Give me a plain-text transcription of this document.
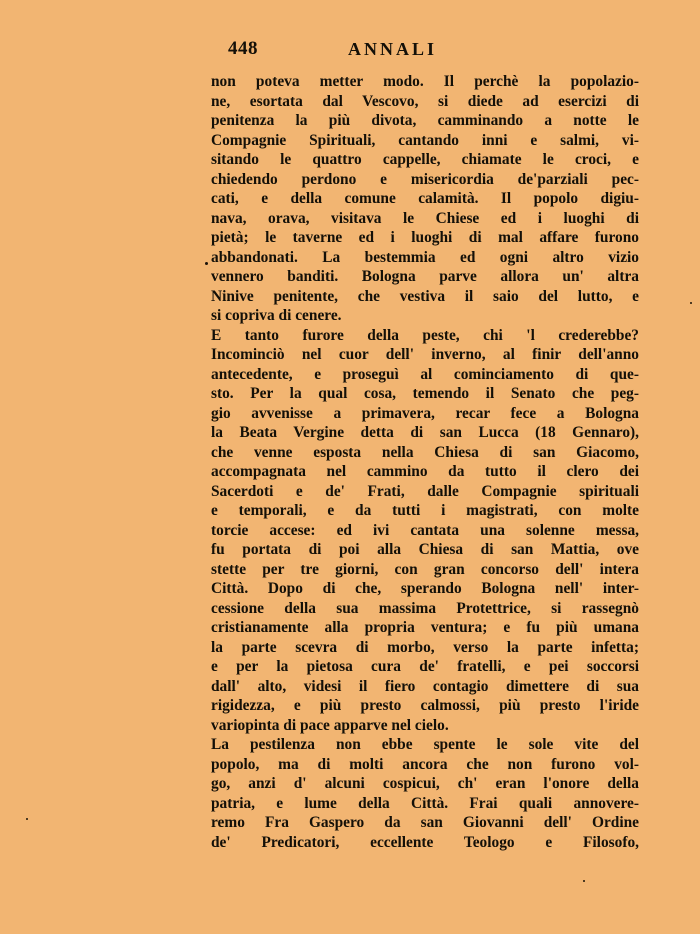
448	ANNALI
non poteva metter modo. Il perchè la popolazio-
ne, esortata dal Vescovo, si diede ad esercizi di
penitenza la più divota, camminando a notte le
Compagnie Spirituali, cantando inni e salmi, vi-
sitando le quattro cappelle, chiamate le croci, e
chiedendo perdono e misericordia de'parziali pec-
cati, e della comune calamità. Il popolo digiu-
nava, orava, visitava le Chiese ed i luoghi di
pietà; le taverne ed i luoghi di mal affare furono
abbandonati. La bestemmia ed ogni altro vizio
vennero banditi. Bologna parve allora un' altra
Ninive penitente, che vestiva il saio del lutto, e
si copriva di cenere.
E tanto furore della peste, chi 'l crederebbe?
Incominciò nel cuor dell' inverno, al finir dell'anno
antecedente, e proseguì al cominciamento di que-
sto. Per la qual cosa, temendo il Senato che peg-
gio avvenisse a primavera, recar fece a Bologna
la Beata Vergine detta di san Lucca (18 Gennaro),
che venne esposta nella Chiesa di san Giacomo,
accompagnata nel cammino da tutto il clero dei
Sacerdoti e de' Frati, dalle Compagnie spirituali
e temporali, e da tutti i magistrati, con molte
torcie accese: ed ivi cantata una solenne messa,
fu portata di poi alla Chiesa di san Mattia, ove
stette per tre giorni, con gran concorso dell' intera
Città. Dopo di che, sperando Bologna nell' inter-
cessione della sua massima Protettrice, si rassegnò
cristianamente alla propria ventura; e fu più umana
la parte scevra di morbo, verso la parte infetta;
e per la pietosa cura de' fratelli, e pei soccorsi
dall' alto, videsi il fiero contagio dimettere di sua
rigidezza, e più presto calmossi, più presto l'iride
variopinta di pace apparve nel cielo.
La pestilenza non ebbe spente le sole vite del
popolo, ma di molti ancora che non furono vol-
go, anzi d' alcuni cospicui, ch' eran l'onore della
patria, e lume della Città. Frai quali annovere-
remo Fra Gaspero da san Giovanni dell' Ordine
de' Predicatori, eccellente Teologo e Filosofo,
